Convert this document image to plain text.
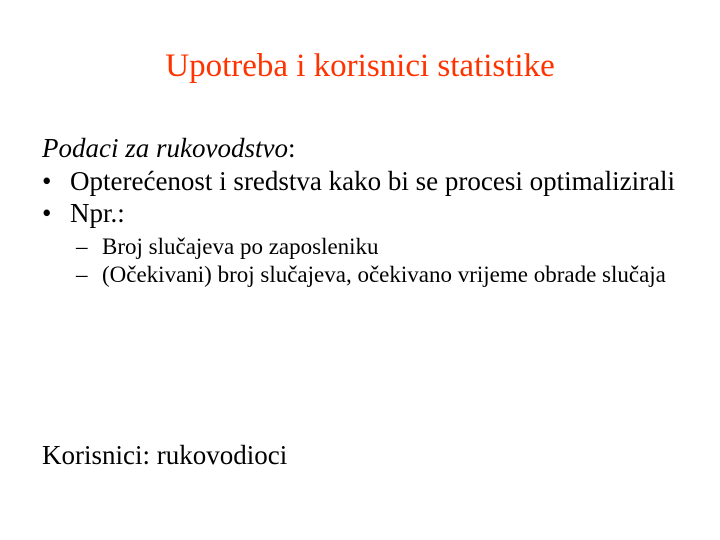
Upotreba i korisnici statistike

Podaci za rukovodstvo:

• Opterećenost i sredstva kako bi se procesi optimalizirali
• Npr.:
– Broj slučajeva po zaposleniku
– (Očekivani) broj slučajeva, očekivano vrijeme obrade slučaja

Korisnici: rukovodioci
